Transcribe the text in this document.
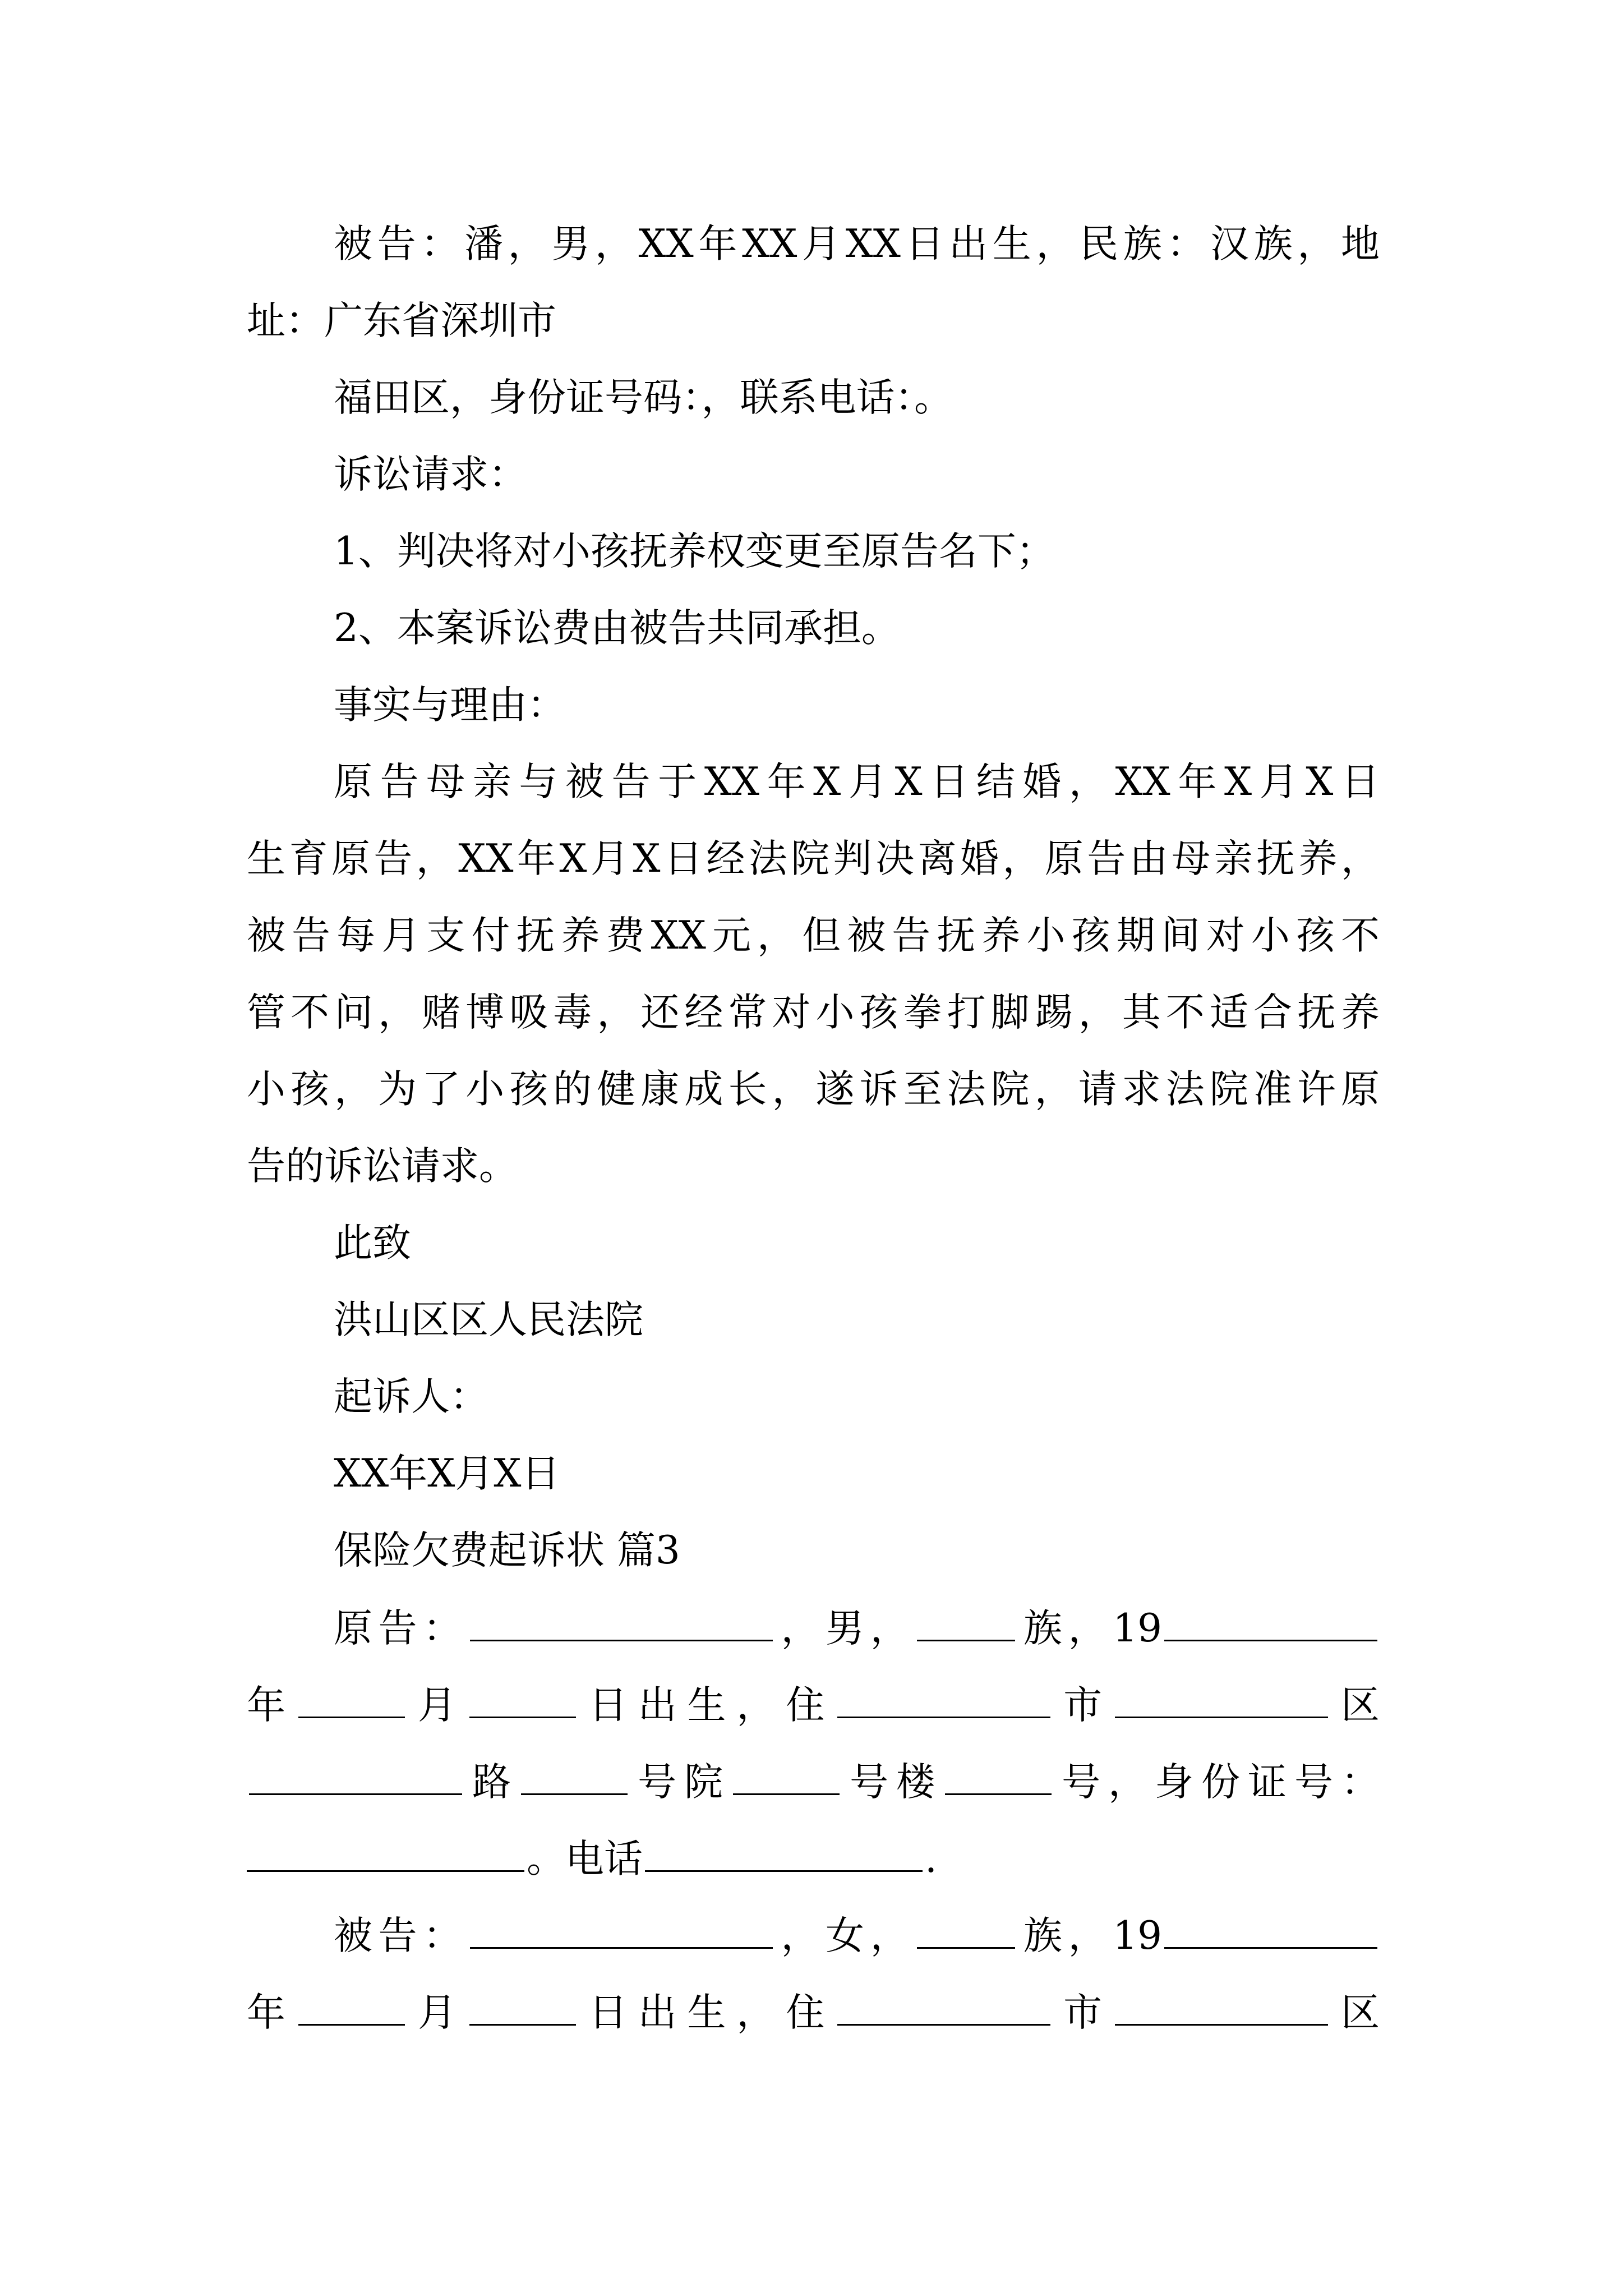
被告：潘，男，XX年XX月XX日出生，民族：汉族，地
址：广东省深圳市
福田区，身份证号码：，联系电话：。
诉讼请求：
1、判决将对小孩抚养权变更至原告名下；
2、本案诉讼费由被告共同承担。
事实与理由：
原告母亲与被告于XX年X月X日结婚，XX年X月X日
生育原告，XX年X月X日经法院判决离婚，原告由母亲抚养，
被告每月支付抚养费XX元，但被告抚养小孩期间对小孩不
管不问，赌博吸毒，还经常对小孩拳打脚踢，其不适合抚养
小孩，为了小孩的健康成长，遂诉至法院，请求法院准许原
告的诉讼请求。
此致
洪山区区人民法院
起诉人：
XX年X月X日
保险欠费起诉状 篇3
原告：	，男，	族，19
年	月	日出生，住	市	区
路	号院	号楼	号，身份证号：
。电话	.
被告：	，女，	族，19
年	月	日出生，住	市	区
